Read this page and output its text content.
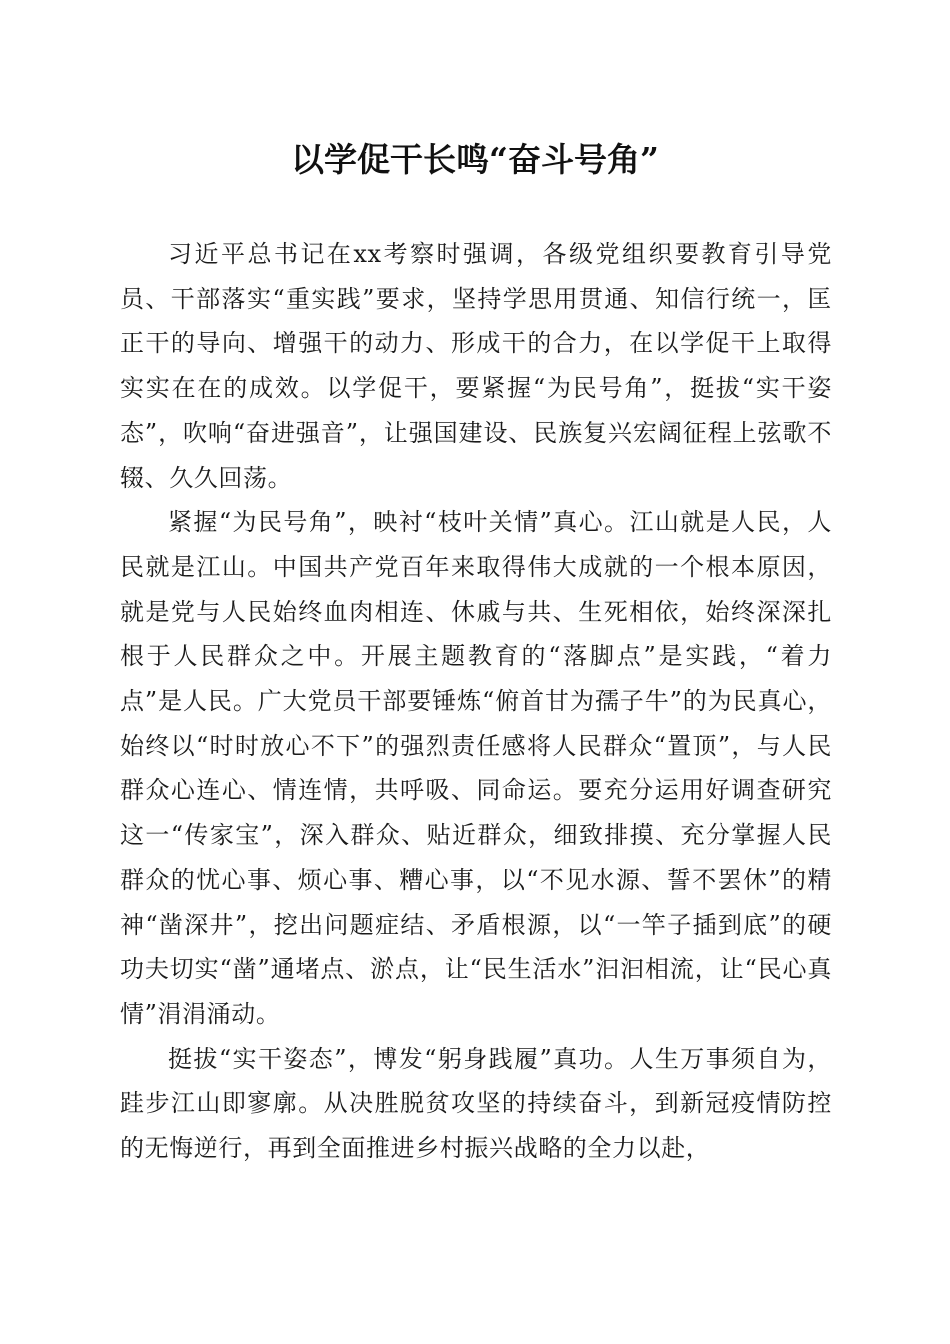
以学促干长鸣“奋斗号角”

习近平总书记在xx考察时强调，各级党组织要教育引导党员、干部落实“重实践”要求，坚持学思用贯通、知信行统一，匡正干的导向、增强干的动力、形成干的合力，在以学促干上取得实实在在的成效。以学促干，要紧握“为民号角”，挺拔“实干姿态”，吹响“奋进强音”，让强国建设、民族复兴宏阔征程上弦歌不辍、久久回荡。

紧握“为民号角”，映衬“枝叶关情”真心。江山就是人民，人民就是江山。中国共产党百年来取得伟大成就的一个根本原因，就是党与人民始终血肉相连、休戚与共、生死相依，始终深深扎根于人民群众之中。开展主题教育的“落脚点”是实践，“着力点”是人民。广大党员干部要锤炼“俯首甘为孺子牛”的为民真心，始终以“时时放心不下”的强烈责任感将人民群众“置顶”，与人民群众心连心、情连情，共呼吸、同命运。要充分运用好调查研究这一“传家宝”，深入群众、贴近群众，细致排摸、充分掌握人民群众的忧心事、烦心事、糟心事，以“不见水源、誓不罢休”的精神“凿深井”，挖出问题症结、矛盾根源，以“一竿子插到底”的硬功夫切实“凿”通堵点、淤点，让“民生活水”汩汩相流，让“民心真情”涓涓涌动。

挺拔“实干姿态”，博发“躬身践履”真功。人生万事须自为，跬步江山即寥廓。从决胜脱贫攻坚的持续奋斗，到新冠疫情防控的无悔逆行，再到全面推进乡村振兴战略的全力以赴，
